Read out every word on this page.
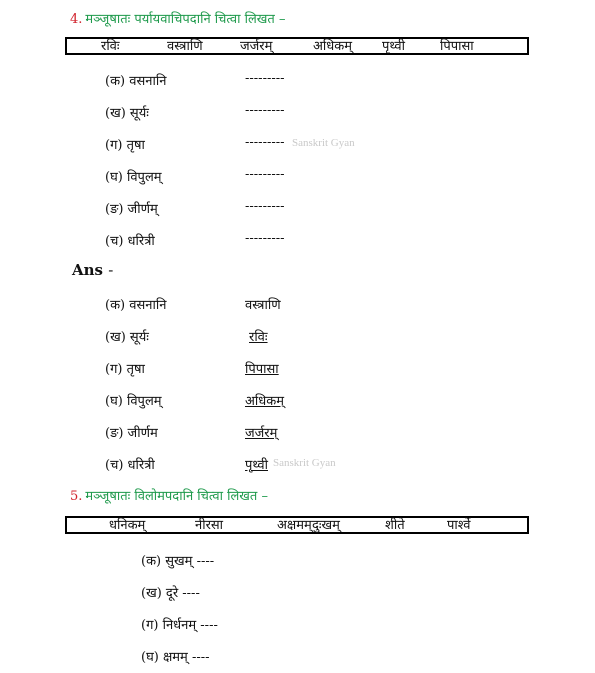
4. मञ्जूषातः पर्यायवाचिपदानि चित्वा लिखत –
रविः	वस्त्राणि	जर्जरम्	अधिकम् पृथ्वी	पिपासा
(क) वसनानि	---------
(ख) सूर्यः	---------
(ग) तृषा	--------- Sanskrit Gyan
(घ) विपुलम्	---------
(ङ) जीर्णम्	---------
(च) धरित्री	---------
Ans -
(क) वसनानि	वस्त्राणि
(ख) सूर्यः	रविः
(ग) तृषा	पिपासा
(घ) विपुलम्	अधिकम्
(ङ) जीर्णम	जर्जरम्
(च) धरित्री	पृथ्वी Sanskrit Gyan
5. मञ्जूषातः विलोमपदानि चित्वा लिखत –
धनिकम्	नीरसा	अक्षमम् दुःखम्	शीते	पार्श्वे
(क) सुखम् ----
(ख) दूरे ----
(ग) निर्धनम् ----
(घ) क्षमम् ----
